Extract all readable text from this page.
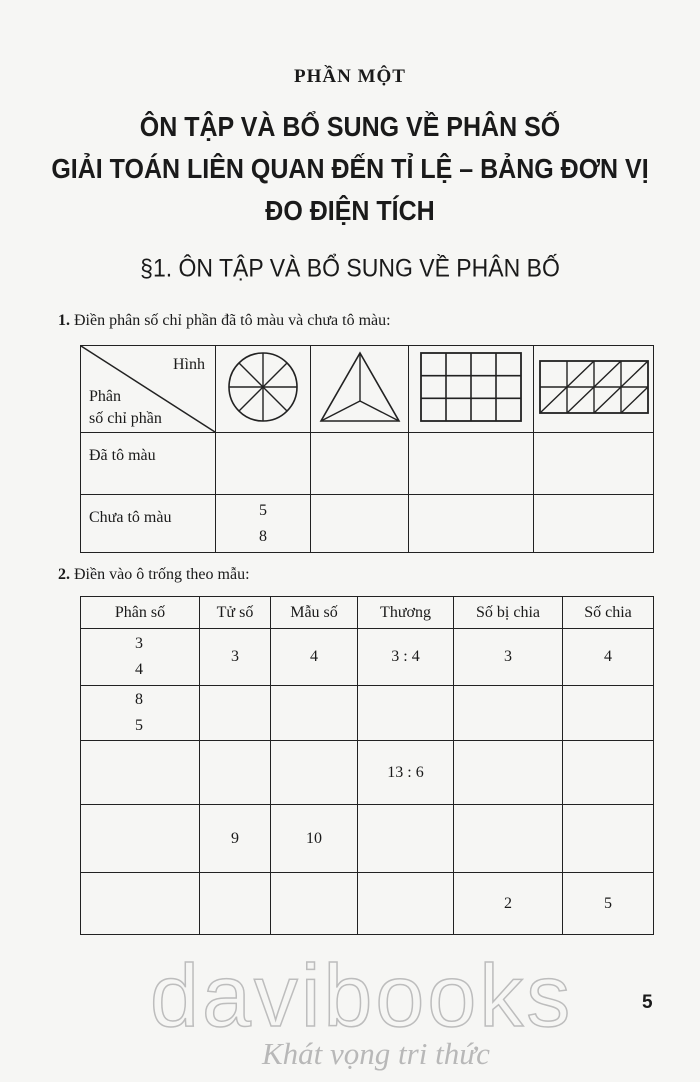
PHẦN MỘT
ÔN TẬP VÀ BỔ SUNG VỀ PHÂN SỐ
GIẢI TOÁN LIÊN QUAN ĐẾN TỈ LỆ – BẢNG ĐƠN VỊ
ĐO ĐIỆN TÍCH
§1. ÔN TẬP VÀ BỔ SUNG VỀ PHÂN BỐ
1. Điền phân số chỉ phần đã tô màu và chưa tô màu:
Hình
Phân
số chỉ phần

Đã tô màu				
Chưa tô màu	5
8			
2. Điền vào ô trống theo mẫu:
Phân số	Tử số	Mẫu số	Thương	Số bị chia	Số chia
3
4	3	4	3 : 4	3	4
8
5					
			13 : 6		
	9	10			
				2	5
davibooks	5
Khát vọng tri thức
